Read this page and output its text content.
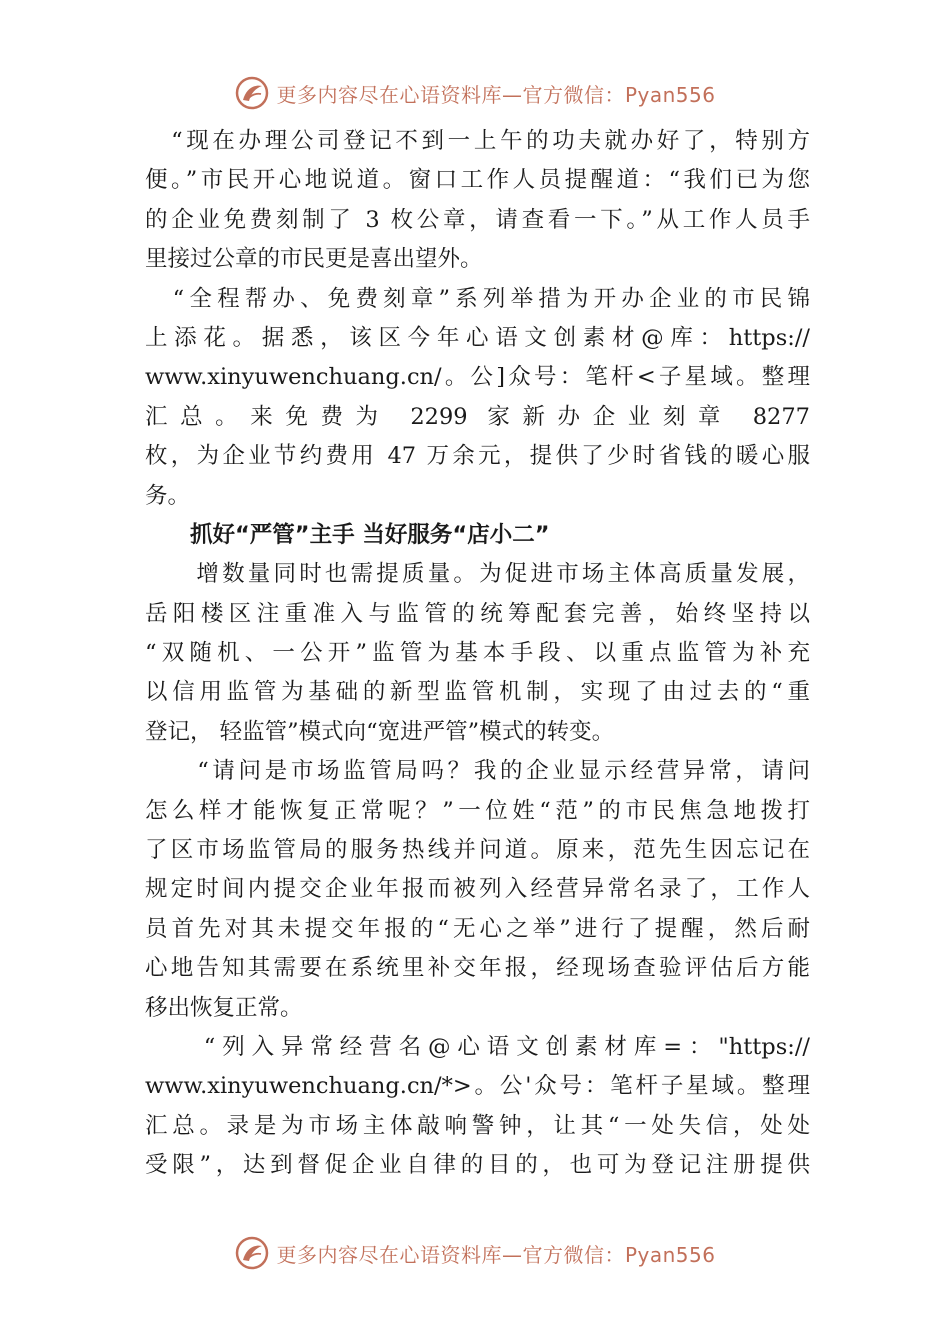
更多内容尽在心语资料库—官方微信：Pyan556
　“现在办理公司登记不到一上午的功夫就办好了，特别方
便。”市民开心地说道。窗口工作人员提醒道：“我们已为您
的企业免费刻制了 3 枚公章，请查看一下。”从工作人员手
里接过公章的市民更是喜出望外。
　“全程帮办、免费刻章”系列举措为开办企业的市民锦
上添花。据悉，该区今年心语文创素材@库：https://
www.xinyuwenchuang.cn/。公]众号：笔杆<子星域。整理
汇总。来免费为 2299 家新办企业刻章 8277
枚，为企业节约费用 47 万余元，提供了少时省钱的暖心服
务。
　　抓好“严管”主手 当好服务“店小二”
　　增数量同时也需提质量。为促进市场主体高质量发展，
岳阳楼区注重准入与监管的统筹配套完善，始终坚持以
“双随机、一公开”监管为基本手段、以重点监管为补充
以信用监管为基础的新型监管机制，实现了由过去的“重
登记， 轻监管”模式向“宽进严管”模式的转变。
　　“请问是市场监管局吗？我的企业显示经营异常，请问
怎么样才能恢复正常呢？”一位姓“范”的市民焦急地拨打
了区市场监管局的服务热线并问道。原来，范先生因忘记在
规定时间内提交企业年报而被列入经营异常名录了，工作人
员首先对其未提交年报的“无心之举”进行了提醒，然后耐
心地告知其需要在系统里补交年报，经现场查验评估后方能
移出恢复正常。
　　“列入异常经营名@心语文创素材库=："https://
www.xinyuwenchuang.cn/*>。公'众号：笔杆子星域。整理
汇总。录是为市场主体敲响警钟，让其“一处失信，处处
受限”，达到督促企业自律的目的，也可为登记注册提供
更多内容尽在心语资料库—官方微信：Pyan556
